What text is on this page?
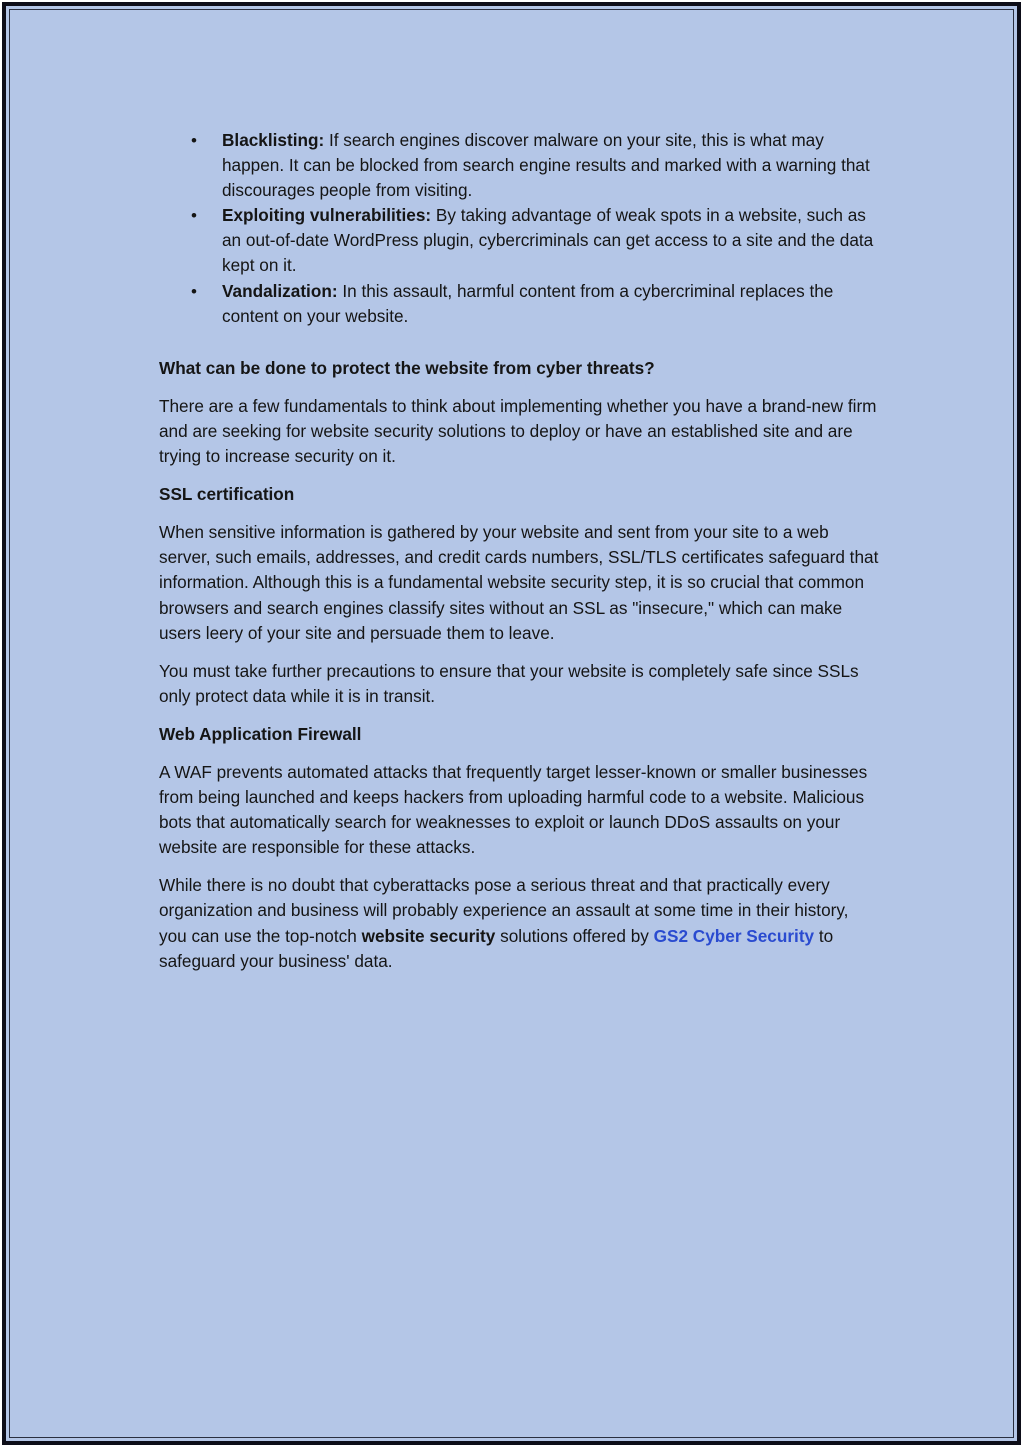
• Blacklisting: If search engines discover malware on your site, this is what may happen. It can be blocked from search engine results and marked with a warning that discourages people from visiting.
• Exploiting vulnerabilities: By taking advantage of weak spots in a website, such as an out-of-date WordPress plugin, cybercriminals can get access to a site and the data kept on it.
• Vandalization: In this assault, harmful content from a cybercriminal replaces the content on your website.

What can be done to protect the website from cyber threats?

There are a few fundamentals to think about implementing whether you have a brand-new firm and are seeking for website security solutions to deploy or have an established site and are trying to increase security on it.

SSL certification

When sensitive information is gathered by your website and sent from your site to a web server, such emails, addresses, and credit cards numbers, SSL/TLS certificates safeguard that information. Although this is a fundamental website security step, it is so crucial that common browsers and search engines classify sites without an SSL as "insecure," which can make users leery of your site and persuade them to leave.

You must take further precautions to ensure that your website is completely safe since SSLs only protect data while it is in transit.

Web Application Firewall

A WAF prevents automated attacks that frequently target lesser-known or smaller businesses from being launched and keeps hackers from uploading harmful code to a website. Malicious bots that automatically search for weaknesses to exploit or launch DDoS assaults on your website are responsible for these attacks.

While there is no doubt that cyberattacks pose a serious threat and that practically every organization and business will probably experience an assault at some time in their history, you can use the top-notch website security solutions offered by GS2 Cyber Security to safeguard your business' data.
